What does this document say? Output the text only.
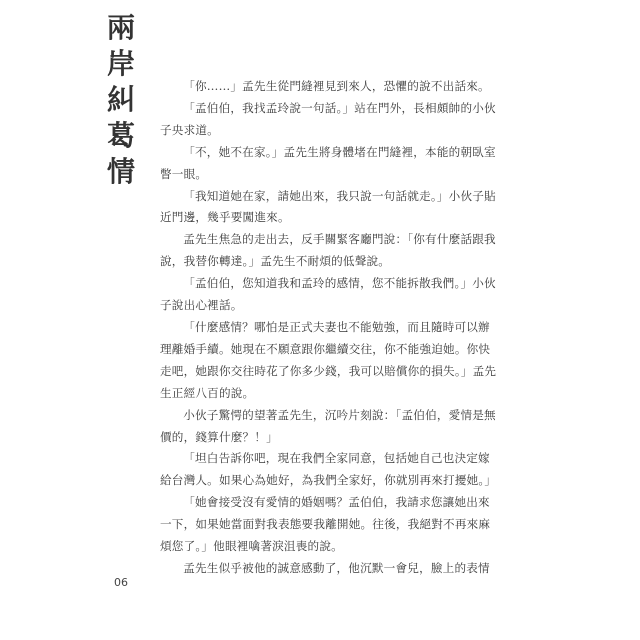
兩
岸
糾
葛
情

「你……」孟先生從門縫裡見到來人，恐懼的說不出話來。

「孟伯伯，我找孟玲說一句話。」站在門外，長相頗帥的小伙子央求道。

「不，她不在家。」孟先生將身體堵在門縫裡，本能的朝臥室瞥一眼。

「我知道她在家，請她出來，我只說一句話就走。」小伙子貼近門邊，幾乎要闖進來。

孟先生焦急的走出去，反手關緊客廳門說：「你有什麼話跟我說，我替你轉達。」孟先生不耐煩的低聲說。

「孟伯伯，您知道我和孟玲的感情，您不能拆散我們。」小伙子說出心裡話。

「什麼感情？哪怕是正式夫妻也不能勉強，而且隨時可以辦理離婚手續。她現在不願意跟你繼續交往，你不能強迫她。你快走吧，她跟你交往時花了你多少錢，我可以賠償你的損失。」孟先生正經八百的說。

小伙子驚愕的望著孟先生，沉吟片刻說：「孟伯伯，愛情是無價的，錢算什麼？！」

「坦白告訴你吧，現在我們全家同意，包括她自己也決定嫁給台灣人。如果心為她好，為我們全家好，你就別再來打擾她。」

「她會接受沒有愛情的婚姻嗎？孟伯伯，我請求您讓她出來一下，如果她當面對我表態要我離開她。往後，我絕對不再來麻煩您了。」他眼裡噙著淚沮喪的說。

孟先生似乎被他的誠意感動了，他沉默一會兒，臉上的表情

06
